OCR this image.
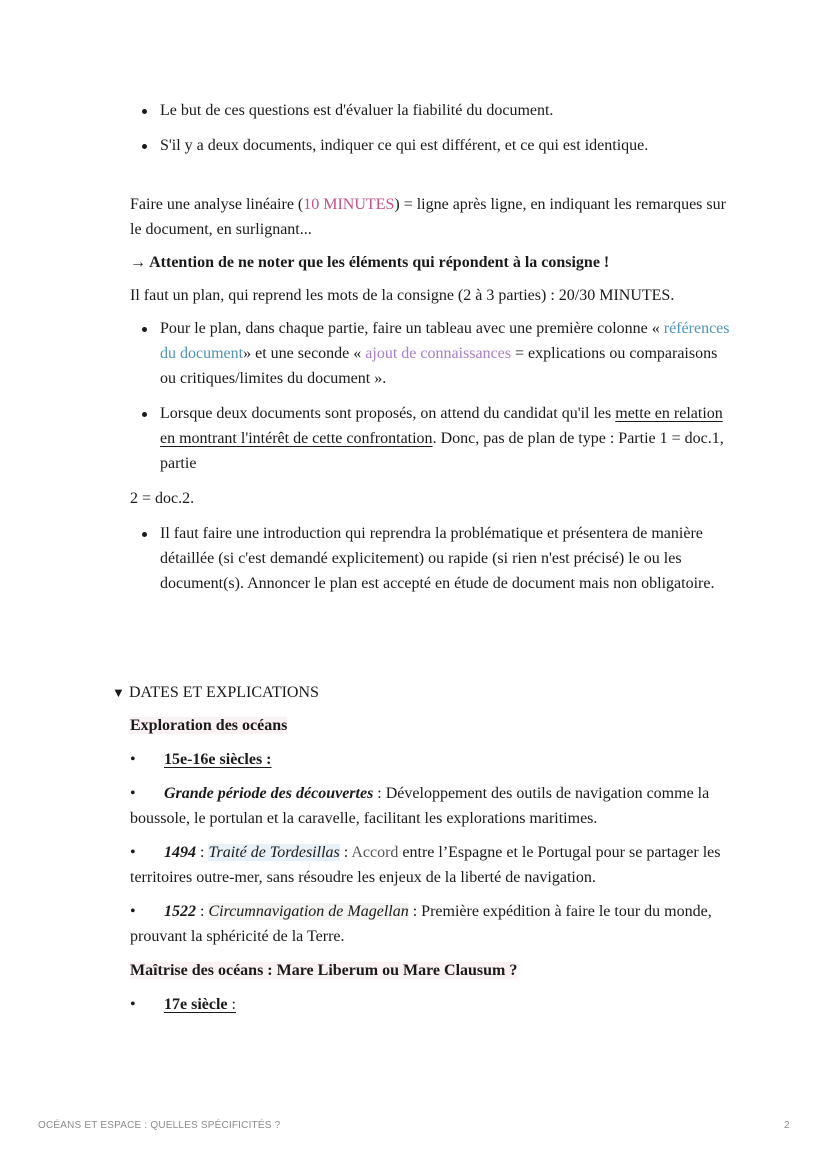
Le but de ces questions est d'évaluer la fiabilité du document.
S'il y a deux documents, indiquer ce qui est différent, et ce qui est identique.

Faire une analyse linéaire (10 MINUTES) = ligne après ligne, en indiquant les remarques sur le document, en surlignant...

→ Attention de ne noter que les éléments qui répondent à la consigne !

Il faut un plan, qui reprend les mots de la consigne (2 à 3 parties) : 20/30 MINUTES.

Pour le plan, dans chaque partie, faire un tableau avec une première colonne « références du document» et une seconde « ajout de connaissances = explications ou comparaisons ou critiques/limites du document ».
Lorsque deux documents sont proposés, on attend du candidat qu'il les mette en relation en montrant l'intérêt de cette confrontation. Donc, pas de plan de type : Partie 1 = doc.1, partie

2 = doc.2.

Il faut faire une introduction qui reprendra la problématique et présentera de manière détaillée (si c'est demandé explicitement) ou rapide (si rien n'est précisé) le ou les document(s). Annoncer le plan est accepté en étude de document mais non obligatoire.
▼ DATES ET EXPLICATIONS

Exploration des océans

• 15e-16e siècles :

• Grande période des découvertes : Développement des outils de navigation comme la boussole, le portulan et la caravelle, facilitant les explorations maritimes.

• 1494 : Traité de Tordesillas : Accord entre l’Espagne et le Portugal pour se partager les territoires outre-mer, sans résoudre les enjeux de la liberté de navigation.

• 1522 : Circumnavigation de Magellan : Première expédition à faire le tour du monde, prouvant la sphéricité de la Terre.

Maîtrise des océans : Mare Liberum ou Mare Clausum ?

• 17e siècle :

OCÉANS ET ESPACE : QUELLES SPÉCIFICITÉS ?	2
